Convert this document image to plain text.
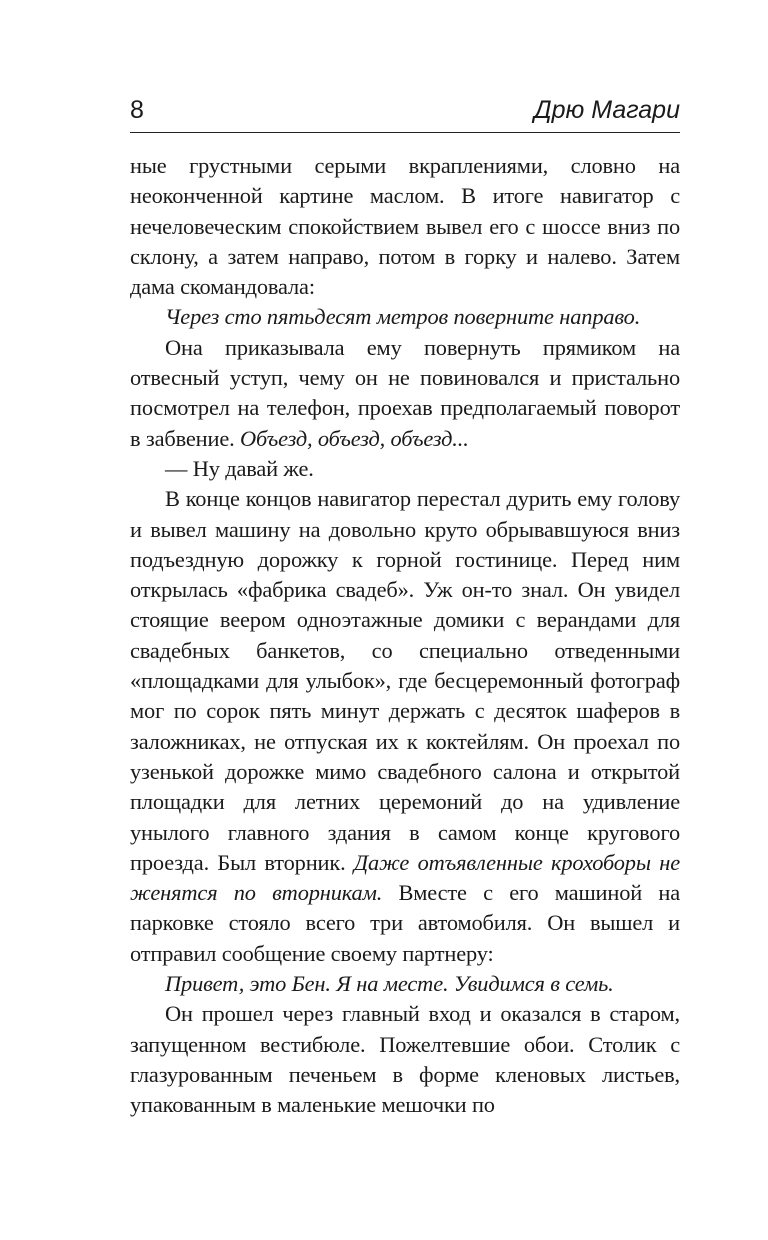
8	Дрю Магари

ные грустными серыми вкраплениями, словно на неоконченной картине маслом. В итоге навигатор с нечеловеческим спокойствием вывел его с шоссе вниз по склону, а затем направо, потом в горку и налево. Затем дама скомандовала:

Через сто пятьдесят метров поверните направо.

Она приказывала ему повернуть прямиком на отвесный уступ, чему он не повиновался и пристально посмотрел на телефон, проехав предполагаемый поворот в забвение. Объезд, объезд, объезд...

— Ну давай же.

В конце концов навигатор перестал дурить ему голову и вывел машину на довольно круто обрывавшуюся вниз подъездную дорожку к горной гостинице. Перед ним открылась «фабрика свадеб». Уж он-то знал. Он увидел стоящие веером одноэтажные домики с верандами для свадебных банкетов, со специально отведенными «площадками для улыбок», где бесцеремонный фотограф мог по сорок пять минут держать с десяток шаферов в заложниках, не отпуская их к коктейлям. Он проехал по узенькой дорожке мимо свадебного салона и открытой площадки для летних церемоний до на удивление унылого главного здания в самом конце кругового проезда. Был вторник. Даже отъявленные крохоборы не женятся по вторникам. Вместе с его машиной на парковке стояло всего три автомобиля. Он вышел и отправил сообщение своему партнеру:

Привет, это Бен. Я на месте. Увидимся в семь.

Он прошел через главный вход и оказался в старом, запущенном вестибюле. Пожелтевшие обои. Столик с глазурованным печеньем в форме кленовых листьев, упакованным в маленькие мешочки по
